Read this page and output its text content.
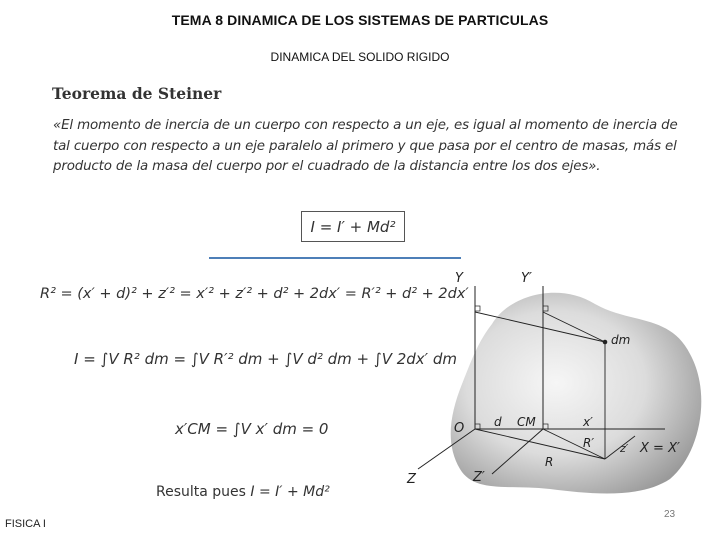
TEMA 8 DINAMICA DE LOS SISTEMAS DE PARTICULAS
DINAMICA DEL SOLIDO RIGIDO
Teorema de Steiner
«El momento de inercia de un cuerpo con respecto a un eje, es igual al momento de inercia de tal cuerpo con respecto a un eje paralelo al primero y que pasa por el centro de masas, más el producto de la masa del cuerpo por el cuadrado de la distancia entre los dos ejes».
I = I′ + Md²
R² = (x′ + d)² + z′² = x′² + z′² + d² + 2dx′ = R′² + d² + 2dx′
I = ∫V R² dm = ∫V R′² dm + ∫V d² dm + ∫V 2dx′ dm
x′CM = ∫V x′ dm = 0
Resulta pues I = I′ + Md²
Y	Y′
dm
O d CM	x′
R′
R
z′ X = X′
Z	Z′
FISICA I
23
